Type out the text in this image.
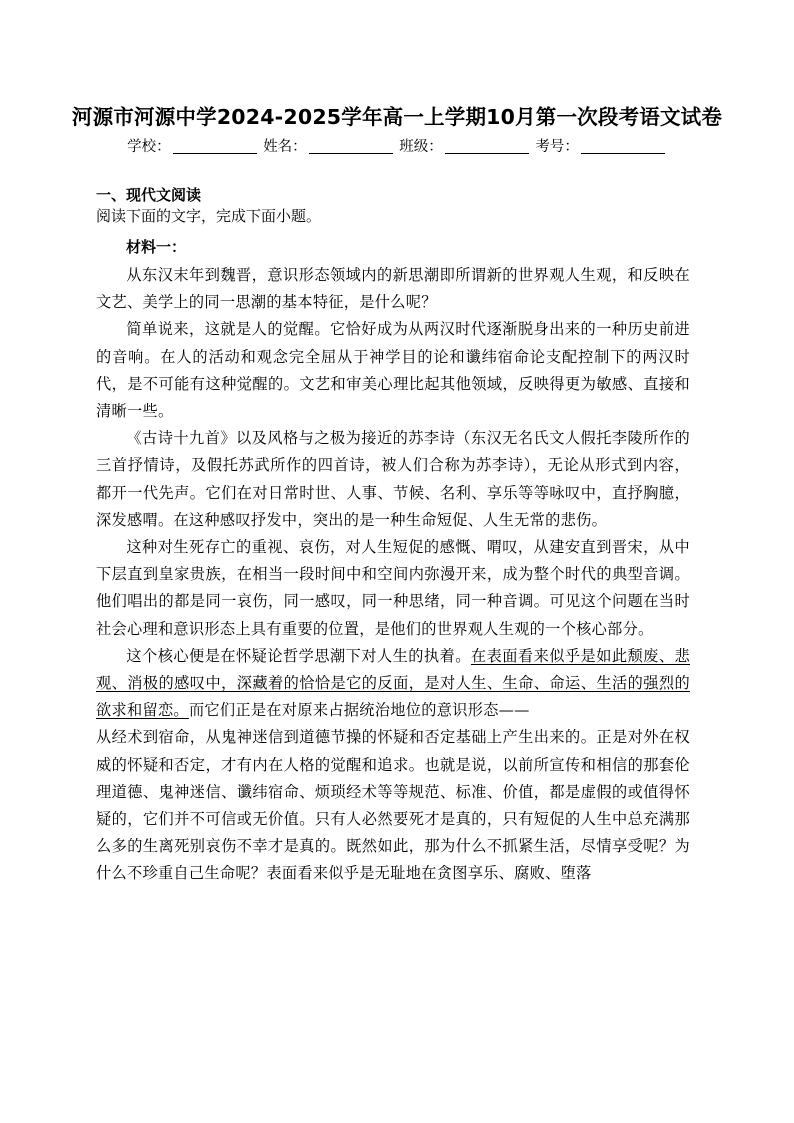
河源市河源中学2024-2025学年高一上学期10月第一次段考语文试卷
学校：	姓名：	班级：	考号：
一、现代文阅读
阅读下面的文字，完成下面小题。
材料一：

从东汉末年到魏晋，意识形态领域内的新思潮即所谓新的世界观人生观，和反映在文艺、美学上的同一思潮的基本特征，是什么呢？

简单说来，这就是人的觉醒。它恰好成为从两汉时代逐渐脱身出来的一种历史前进的音响。在人的活动和观念完全屈从于神学目的论和谶纬宿命论支配控制下的两汉时代，是不可能有这种觉醒的。文艺和审美心理比起其他领域，反映得更为敏感、直接和清晰一些。

《古诗十九首》以及风格与之极为接近的苏李诗（东汉无名氏文人假托李陵所作的三首抒情诗，及假托苏武所作的四首诗，被人们合称为苏李诗），无论从形式到内容，都开一代先声。它们在对日常时世、人事、节候、名利、享乐等等咏叹中，直抒胸臆，深发感喟。在这种感叹抒发中，突出的是一种生命短促、人生无常的悲伤。

这种对生死存亡的重视、哀伤，对人生短促的感慨、喟叹，从建安直到晋宋，从中下层直到皇家贵族，在相当一段时间中和空间内弥漫开来，成为整个时代的典型音调。他们唱出的都是同一哀伤，同一感叹，同一种思绪，同一种音调。可见这个问题在当时社会心理和意识形态上具有重要的位置，是他们的世界观人生观的一个核心部分。

这个核心便是在怀疑论哲学思潮下对人生的执着。在表面看来似乎是如此颓废、悲观、消极的感叹中，深藏着的恰恰是它的反面，是对人生、生命、命运、生活的强烈的欲求和留恋。而它们正是在对原来占据统治地位的意识形态——

从经术到宿命，从鬼神迷信到道德节操的怀疑和否定基础上产生出来的。正是对外在权威的怀疑和否定，才有内在人格的觉醒和追求。也就是说，以前所宣传和相信的那套伦理道德、鬼神迷信、谶纬宿命、烦琐经术等等规范、标准、价值，都是虚假的或值得怀疑的，它们并不可信或无价值。只有人必然要死才是真的，只有短促的人生中总充满那么多的生离死别哀伤不幸才是真的。既然如此，那为什么不抓紧生活，尽情享受呢？为什么不珍重自己生命呢？表面看来似乎是无耻地在贪图享乐、腐败、堕落
